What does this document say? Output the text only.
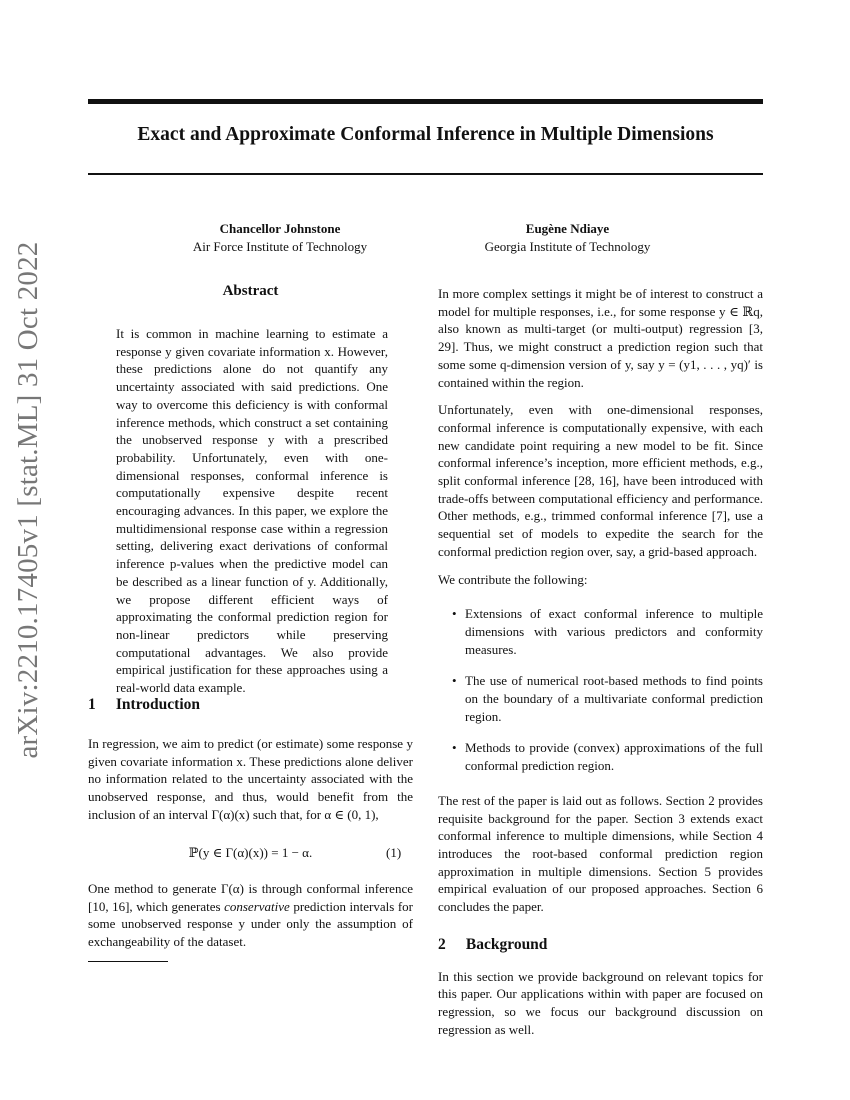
arXiv:2210.17405v1 [stat.ML] 31 Oct 2022
Exact and Approximate Conformal Inference in Multiple Dimensions
Chancellor Johnstone
Air Force Institute of Technology
Eugène Ndiaye
Georgia Institute of Technology
Abstract
It is common in machine learning to estimate a response y given covariate information x. However, these predictions alone do not quantify any uncertainty associated with said predictions. One way to overcome this deficiency is with conformal inference methods, which construct a set containing the unobserved response y with a prescribed probability. Unfortunately, even with one-dimensional responses, conformal inference is computationally expensive despite recent encouraging advances. In this paper, we explore the multidimensional response case within a regression setting, delivering exact derivations of conformal inference p-values when the predictive model can be described as a linear function of y. Additionally, we propose different efficient ways of approximating the conformal prediction region for non-linear predictors while preserving computational advantages. We also provide empirical justification for these approaches using a real-world data example.
1 Introduction
In regression, we aim to predict (or estimate) some response y given covariate information x. These predictions alone deliver no information related to the uncertainty associated with the unobserved response, and thus, would benefit from the inclusion of an interval Γ(α)(x) such that, for α ∈ (0, 1),
ℙ(y ∈ Γ(α)(x)) = 1 − α.	(1)
One method to generate Γ(α) is through conformal inference [10, 16], which generates conservative prediction intervals for some unobserved response y under only the assumption of exchangeability of the dataset.

In more complex settings it might be of interest to construct a model for multiple responses, i.e., for some response y ∈ ℝq, also known as multi-target (or multi-output) regression [3, 29]. Thus, we might construct a prediction region such that some some q-dimension version of y, say y = (y1, . . . , yq)′ is contained within the region.

Unfortunately, even with one-dimensional responses, conformal inference is computationally expensive, with each new candidate point requiring a new model to be fit. Since conformal inference’s inception, more efficient methods, e.g., split conformal inference [28, 16], have been introduced with trade-offs between computational efficiency and performance. Other methods, e.g., trimmed conformal inference [7], use a sequential set of models to expedite the search for the conformal prediction region over, say, a grid-based approach.

We contribute the following:

• Extensions of exact conformal inference to multiple dimensions with various predictors and conformity measures.
• The use of numerical root-based methods to find points on the boundary of a multivariate conformal prediction region.
• Methods to provide (convex) approximations of the full conformal prediction region.

The rest of the paper is laid out as follows. Section 2 provides requisite background for the paper. Section 3 extends exact conformal inference to multiple dimensions, while Section 4 introduces the root-based conformal prediction region approximation in multiple dimensions. Section 5 provides empirical evaluation of our proposed approaches. Section 6 concludes the paper.

2 Background

In this section we provide background on relevant topics for this paper. Our applications within with paper are focused on regression, so we focus our background discussion on regression as well.
